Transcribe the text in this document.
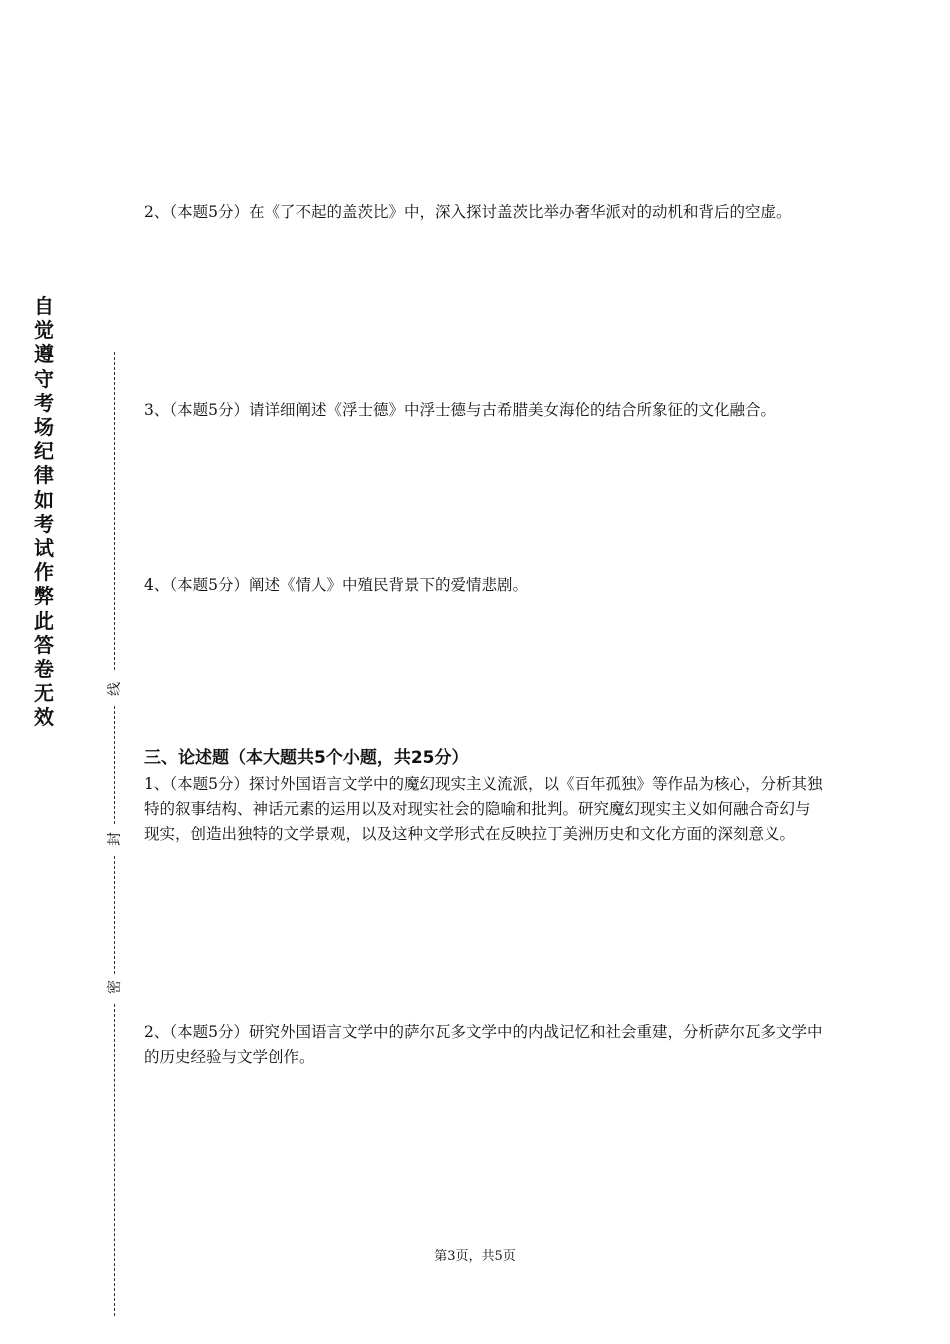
自觉遵守考场纪律如考试作弊此答卷无效
线
封
密

2、（本题5分）在《了不起的盖茨比》中，深入探讨盖茨比举办奢华派对的动机和背后的空虚。

3、（本题5分）请详细阐述《浮士德》中浮士德与古希腊美女海伦的结合所象征的文化融合。

4、（本题5分）阐述《情人》中殖民背景下的爱情悲剧。

三、论述题（本大题共5个小题，共25分）

1、（本题5分）探讨外国语言文学中的魔幻现实主义流派，以《百年孤独》等作品为核心，分析其独特的叙事结构、神话元素的运用以及对现实社会的隐喻和批判。研究魔幻现实主义如何融合奇幻与现实，创造出独特的文学景观，以及这种文学形式在反映拉丁美洲历史和文化方面的深刻意义。

2、（本题5分）研究外国语言文学中的萨尔瓦多文学中的内战记忆和社会重建，分析萨尔瓦多文学中的历史经验与文学创作。

第3页，共5页
